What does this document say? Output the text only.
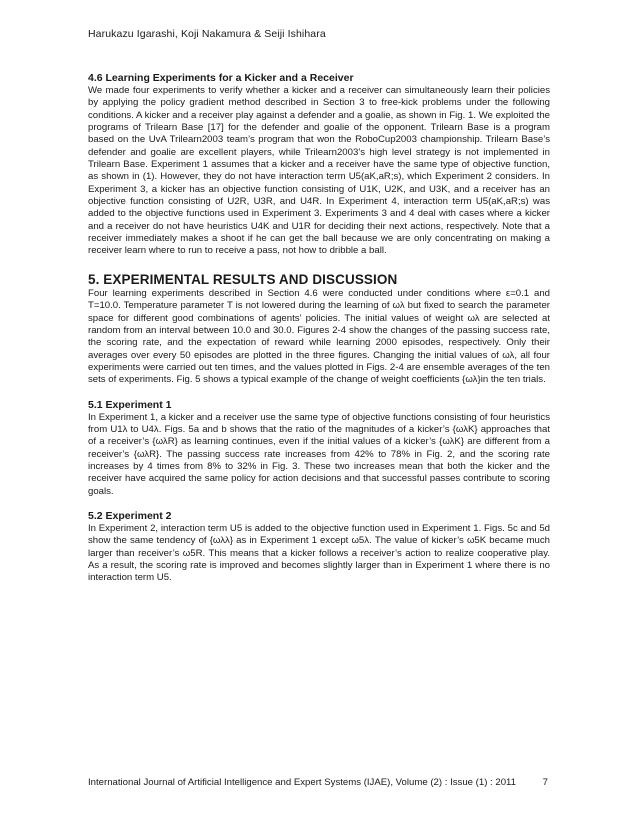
Harukazu Igarashi, Koji Nakamura & Seiji Ishihara
4.6 Learning Experiments for a Kicker and a Receiver

We made four experiments to verify whether a kicker and a receiver can simultaneously learn their policies by applying the policy gradient method described in Section 3 to free-kick problems under the following conditions. A kicker and a receiver play against a defender and a goalie, as shown in Fig. 1. We exploited the programs of Trilearn Base [17] for the defender and goalie of the opponent. Trilearn Base is a program based on the UvA Trilearn2003 team’s program that won the RoboCup2003 championship. Trilearn Base’s defender and goalie are excellent players, while Trilearn2003’s high level strategy is not implemented in Trilearn Base. Experiment 1 assumes that a kicker and a receiver have the same type of objective function, as shown in (1). However, they do not have interaction term U5(aK,aR;s), which Experiment 2 considers. In Experiment 3, a kicker has an objective function consisting of U1K, U2K, and U3K, and a receiver has an objective function consisting of U2R, U3R, and U4R. In Experiment 4, interaction term U5(aK,aR;s) was added to the objective functions used in Experiment 3. Experiments 3 and 4 deal with cases where a kicker and a receiver do not have heuristics U4K and U1R for deciding their next actions, respectively. Note that a receiver immediately makes a shoot if he can get the ball because we are only concentrating on making a receiver learn where to run to receive a pass, not how to dribble a ball.

5. EXPERIMENTAL RESULTS AND DISCUSSION

Four learning experiments described in Section 4.6 were conducted under conditions where ε=0.1 and T=10.0. Temperature parameter T is not lowered during the learning of ωλ but fixed to search the parameter space for different good combinations of agents’ policies. The initial values of weight ωλ are selected at random from an interval between 10.0 and 30.0. Figures 2-4 show the changes of the passing success rate, the scoring rate, and the expectation of reward while learning 2000 episodes, respectively. Only their averages over every 50 episodes are plotted in the three figures. Changing the initial values of ωλ, all four experiments were carried out ten times, and the values plotted in Figs. 2-4 are ensemble averages of the ten sets of experiments. Fig. 5 shows a typical example of the change of weight coefficients {ωλ}in the ten trials.

5.1 Experiment 1

In Experiment 1, a kicker and a receiver use the same type of objective functions consisting of four heuristics from U1λ to U4λ. Figs. 5a and b shows that the ratio of the magnitudes of a kicker’s {ωλK} approaches that of a receiver’s {ωλR} as learning continues, even if the initial values of a kicker’s {ωλK} are different from a receiver’s {ωλR}. The passing success rate increases from 42% to 78% in Fig. 2, and the scoring rate increases by 4 times from 8% to 32% in Fig. 3. These two increases mean that both the kicker and the receiver have acquired the same policy for action decisions and that successful passes contribute to scoring goals.

5.2 Experiment 2

In Experiment 2, interaction term U5 is added to the objective function used in Experiment 1. Figs. 5c and 5d show the same tendency of {ωλλ} as in Experiment 1 except ω5λ. The value of kicker’s ω5K became much larger than receiver’s ω5R. This means that a kicker follows a receiver’s action to realize cooperative play. As a result, the scoring rate is improved and becomes slightly larger than in Experiment 1 where there is no interaction term U5.

International Journal of Artificial Intelligence and Expert Systems (IJAE), Volume (2) : Issue (1) : 2011	7
